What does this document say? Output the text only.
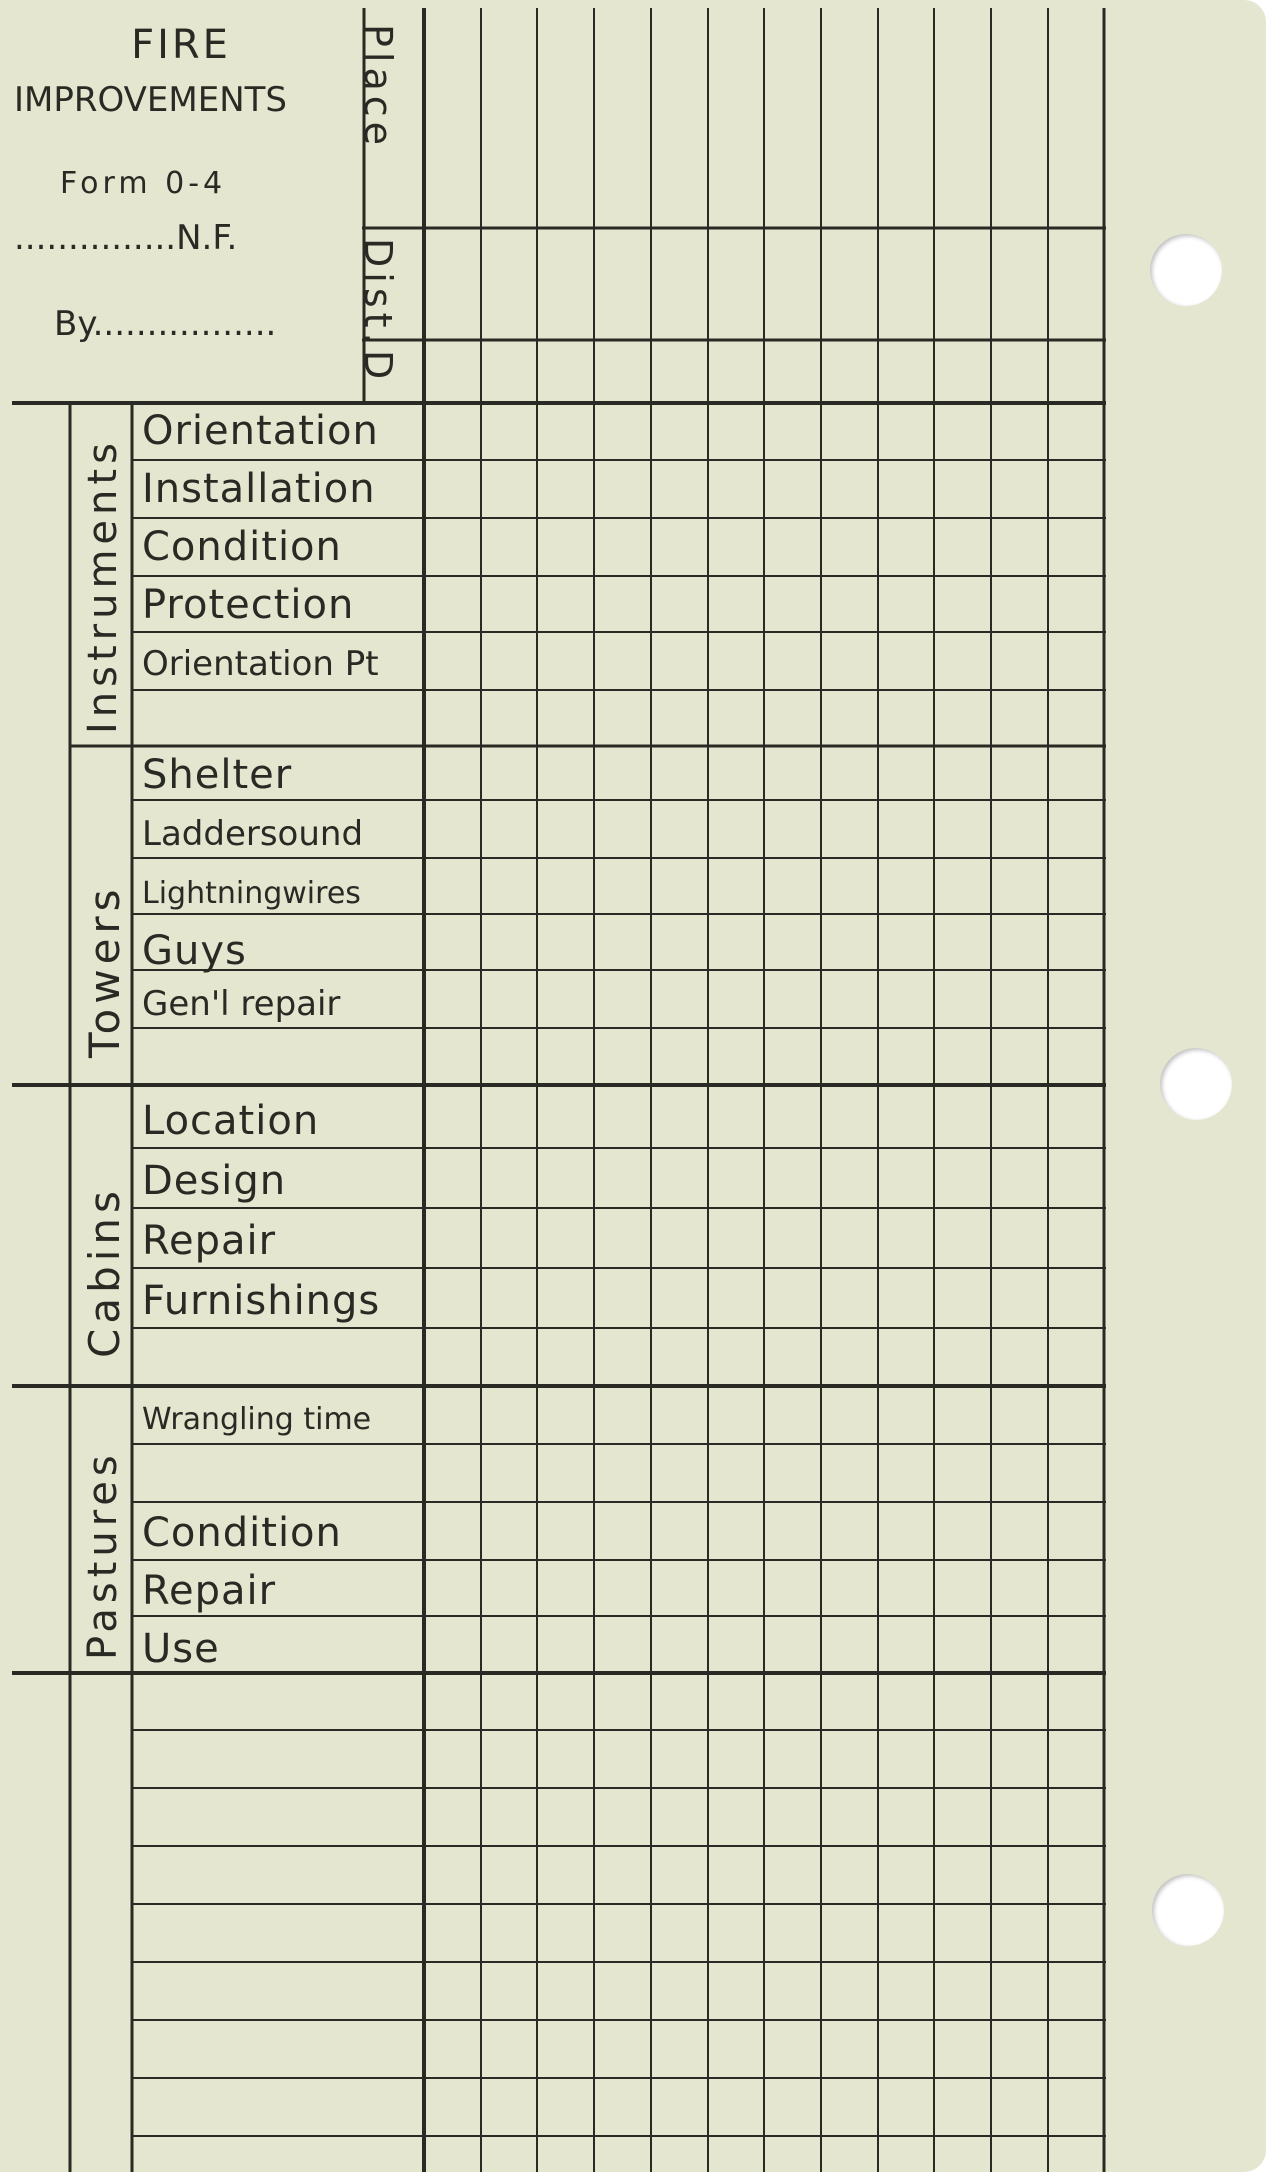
FIRE
IMPROVEMENTS
Form 0-4
...............N.F.
By.................
Place
Dist.
D
Instruments
Towers
Cabins
Pastures
Orientation
Installation
Condition
Protection
Orientation Pt
Shelter
Laddersound
Lightningwires
Guys
Gen'l repair
Location
Design
Repair
Furnishings
Wrangling time
Condition
Repair
Use
